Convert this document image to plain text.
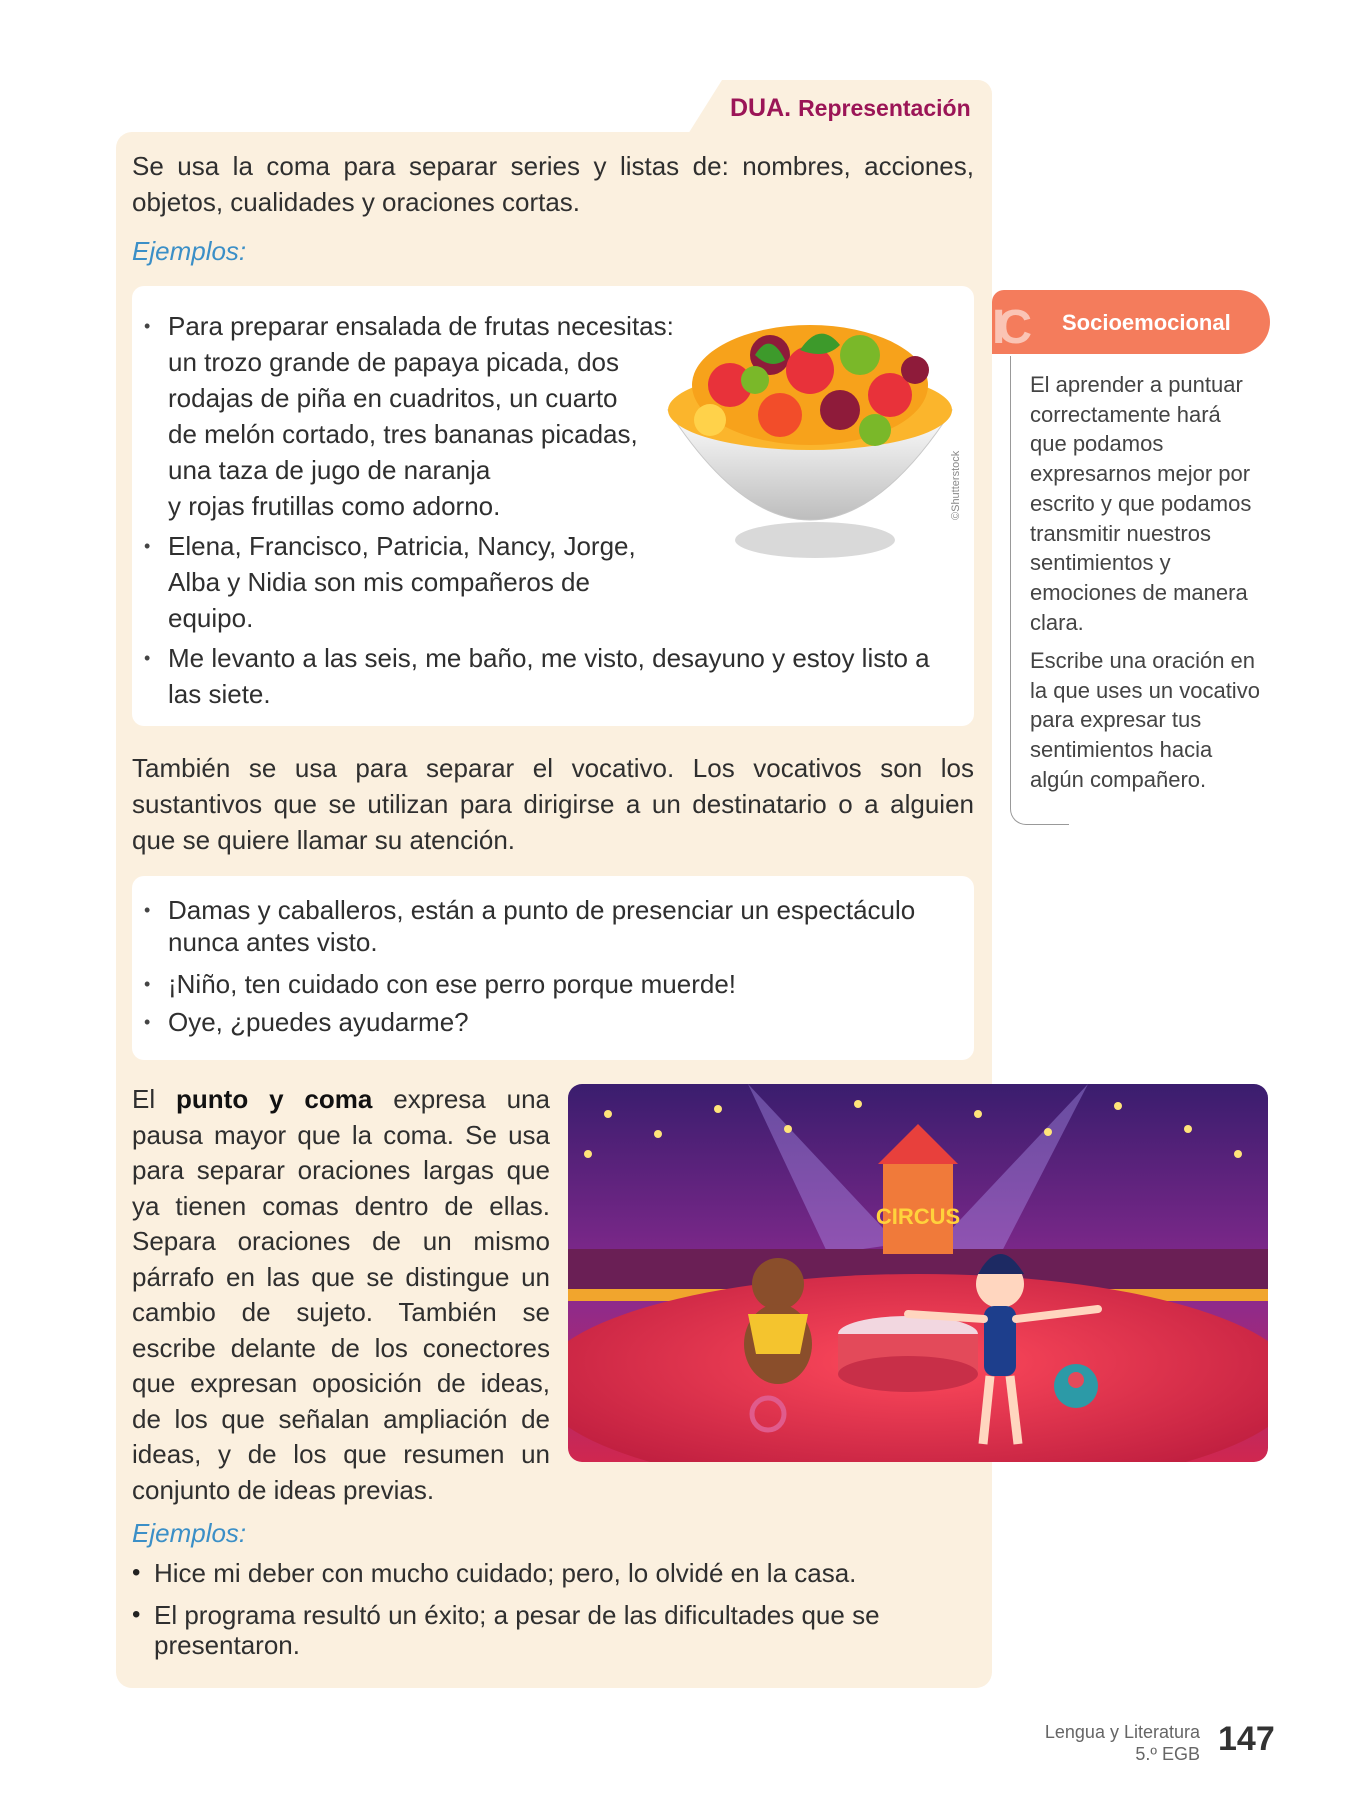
DUA. Representación
Se usa la coma para separar series y listas de: nombres, acciones, objetos, cualidades y oraciones cortas.
Ejemplos:
• Para preparar ensalada de frutas necesitas:
un trozo grande de papaya picada, dos
rodajas de piña en cuadritos, un cuarto
de melón cortado, tres bananas picadas,
una taza de jugo de naranja
y rojas frutillas como adorno.
• Elena, Francisco, Patricia, Nancy, Jorge,
Alba y Nidia son mis compañeros de
equipo.
• Me levanto a las seis, me baño, me visto, desayuno y estoy listo a
las siete.
©Shutterstock
También se usa para separar el vocativo. Los vocativos son los sustantivos que se utilizan para dirigirse a un destinatario o a alguien que se quiere llamar su atención.
• Damas y caballeros, están a punto de presenciar un espectáculo
nunca antes visto.
• ¡Niño, ten cuidado con ese perro porque muerde!
• Oye, ¿puedes ayudarme?
El punto y coma expresa una pausa mayor que la coma. Se usa para separar oraciones largas que ya tienen comas dentro de ellas. Separa oraciones de un mismo párrafo en las que se distingue un cambio de sujeto. También se escribe delante de los conectores que expresan oposición de ideas, de los que señalan ampliación de ideas, y de los que resumen un conjunto de ideas previas.
CIRCUS
Ejemplos:
• Hice mi deber con mucho cuidado; pero, lo olvidé en la casa.
• El programa resultó un éxito; a pesar de las dificultades que se
presentaron.
IC Socioemocional
El aprender a puntuar
correctamente hará
que podamos
expresarnos mejor por
escrito y que podamos
transmitir nuestros
sentimientos y
emociones de manera
clara.
Escribe una oración en
la que uses un vocativo
para expresar tus
sentimientos hacia
algún compañero.
Lengua y Literatura
5.º EGB 147
